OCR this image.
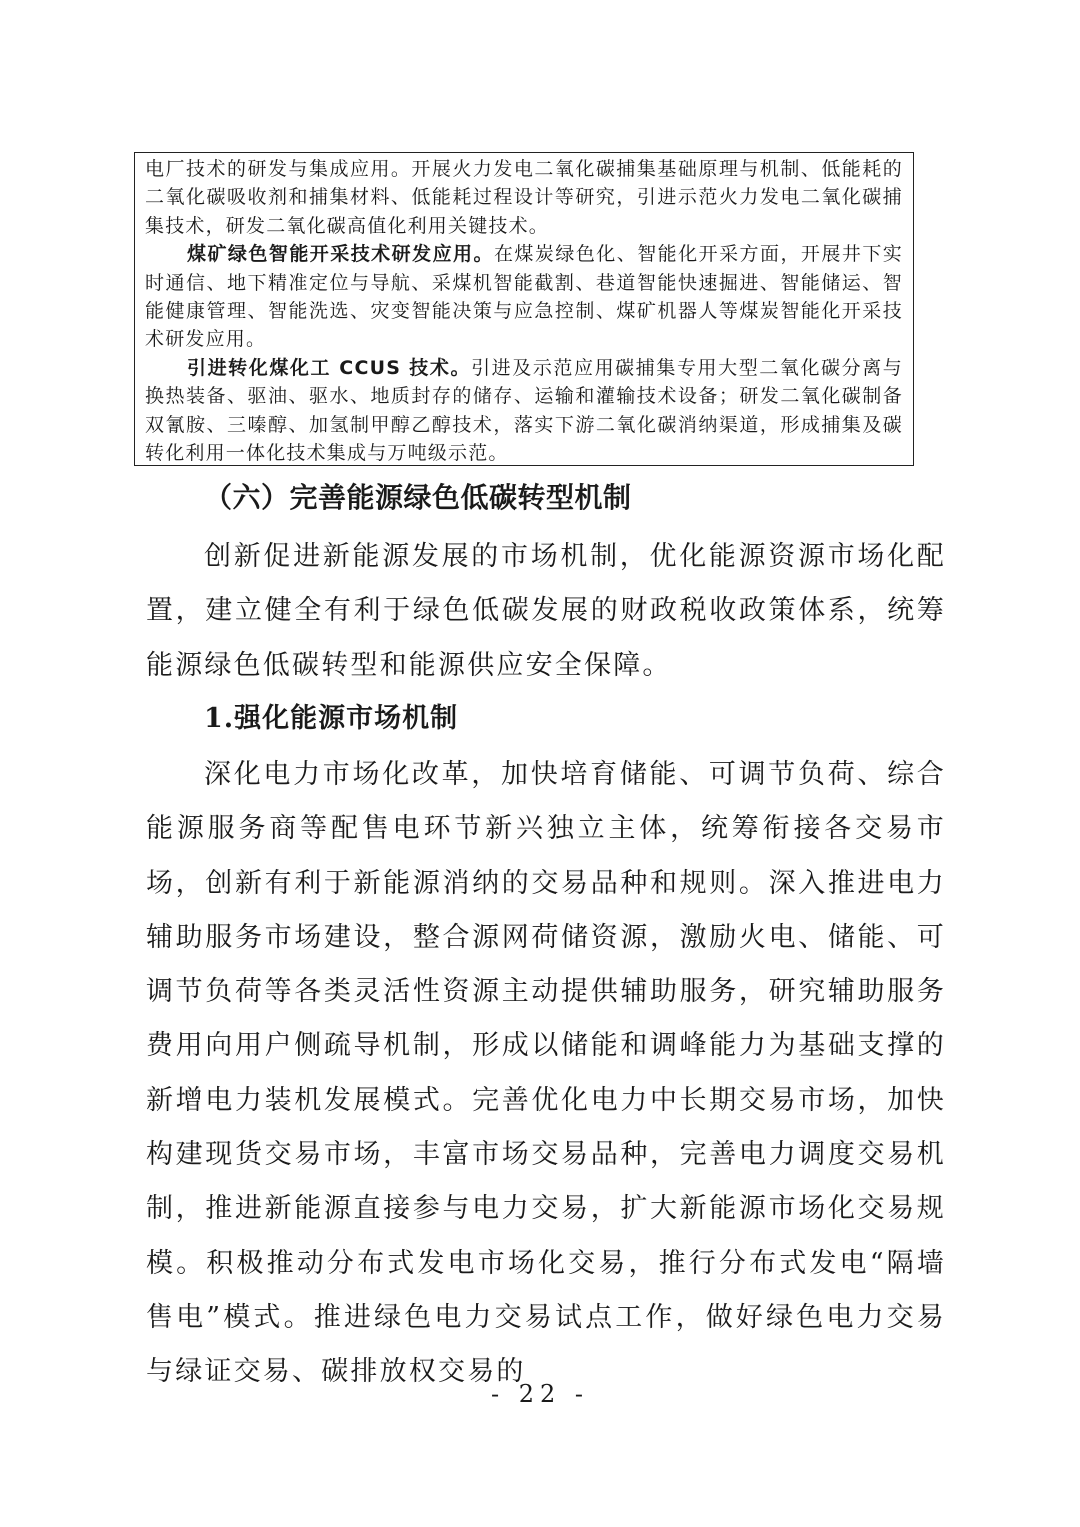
电厂技术的研发与集成应用。开展火力发电二氧化碳捕集基础原理与机制、低能耗的二氧化碳吸收剂和捕集材料、低能耗过程设计等研究，引进示范火力发电二氧化碳捕集技术，研发二氧化碳高值化利用关键技术。

煤矿绿色智能开采技术研发应用。在煤炭绿色化、智能化开采方面，开展井下实时通信、地下精准定位与导航、采煤机智能截割、巷道智能快速掘进、智能储运、智能健康管理、智能洗选、灾变智能决策与应急控制、煤矿机器人等煤炭智能化开采技术研发应用。

引进转化煤化工 CCUS 技术。引进及示范应用碳捕集专用大型二氧化碳分离与换热装备、驱油、驱水、地质封存的储存、运输和灌输技术设备；研发二氧化碳制备双氰胺、三嗪醇、加氢制甲醇乙醇技术，落实下游二氧化碳消纳渠道，形成捕集及碳转化利用一体化技术集成与万吨级示范。

（六）完善能源绿色低碳转型机制

创新促进新能源发展的市场机制，优化能源资源市场化配置，建立健全有利于绿色低碳发展的财政税收政策体系，统筹能源绿色低碳转型和能源供应安全保障。

1.强化能源市场机制

深化电力市场化改革，加快培育储能、可调节负荷、综合能源服务商等配售电环节新兴独立主体，统筹衔接各交易市场，创新有利于新能源消纳的交易品种和规则。深入推进电力辅助服务市场建设，整合源网荷储资源，激励火电、储能、可调节负荷等各类灵活性资源主动提供辅助服务，研究辅助服务费用向用户侧疏导机制，形成以储能和调峰能力为基础支撑的新增电力装机发展模式。完善优化电力中长期交易市场，加快构建现货交易市场，丰富市场交易品种，完善电力调度交易机制，推进新能源直接参与电力交易，扩大新能源市场化交易规模。积极推动分布式发电市场化交易，推行分布式发电“隔墙售电”模式。推进绿色电力交易试点工作，做好绿色电力交易与绿证交易、碳排放权交易的

- 22 -
